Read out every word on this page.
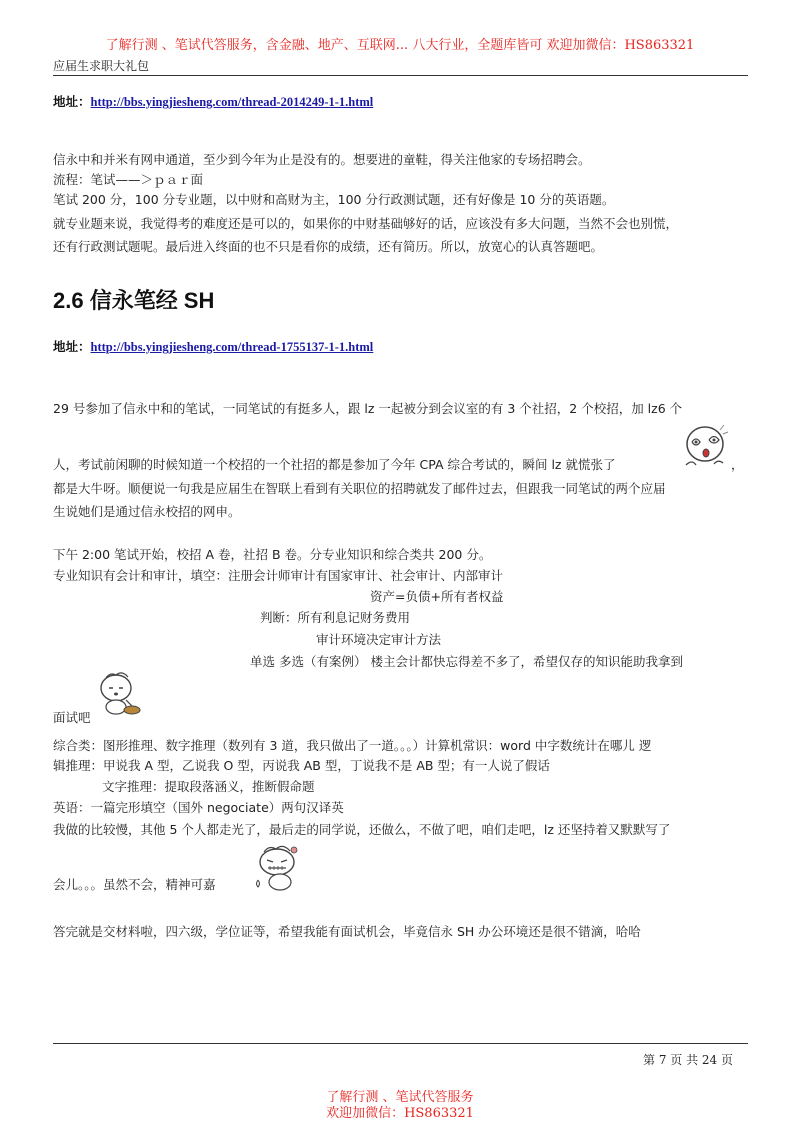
了解行测 、笔试代答服务，含金融、地产、互联网... 八大行业，全题库皆可 欢迎加微信：HS863321
应届生求职大礼包
地址：http://bbs.yingjiesheng.com/thread-2014249-1-1.html
信永中和并米有网申通道，至少到今年为止是没有的。想要进的童鞋，得关注他家的专场招聘会。
流程：笔试——＞ｐａｒ面
笔试 200 分，100 分专业题，以中财和高财为主，100 分行政测试题，还有好像是 10 分的英语题。
就专业题来说，我觉得考的难度还是可以的，如果你的中财基础够好的话，应该没有多大问题，当然不会也别慌，
还有行政测试题呢。最后进入终面的也不只是看你的成绩，还有简历。所以，放宽心的认真答题吧。
2.6 信永笔经 SH
地址：http://bbs.yingjiesheng.com/thread-1755137-1-1.html
29 号参加了信永中和的笔试，一同笔试的有挺多人，跟 lz 一起被分到会议室的有 3 个社招，2 个校招，加 lz6 个
人，考试前闲聊的时候知道一个校招的一个社招的都是参加了今年 CPA 综合考试的，瞬间 lz 就慌张了	，
都是大牛呀。顺便说一句我是应届生在智联上看到有关职位的招聘就发了邮件过去，但跟我一同笔试的两个应届
生说她们是通过信永校招的网申。
下午 2:00 笔试开始，校招 A 卷，社招 B 卷。分专业知识和综合类共 200 分。
专业知识有会计和审计，填空：注册会计师审计有国家审计、社会审计、内部审计
资产=负债+所有者权益
判断：所有利息记财务费用
审计环境决定审计方法
单选 多选（有案例） 楼主会计都快忘得差不多了，希望仅存的知识能助我拿到
面试吧
综合类：图形推理、数字推理（数列有 3 道，我只做出了一道。。。）计算机常识：word 中字数统计在哪儿 逻
辑推理：甲说我 A 型，乙说我 O 型，丙说我 AB 型，丁说我不是 AB 型；有一人说了假话
文字推理：提取段落涵义，推断假命题
英语：一篇完形填空（国外 negociate）两句汉译英
我做的比较慢，其他 5 个人都走光了，最后走的同学说，还做么，不做了吧，咱们走吧，lz 还坚持着又默默写了
会儿。。。虽然不会，精神可嘉
答完就是交材料啦，四六级，学位证等，希望我能有面试机会，毕竟信永 SH 办公环境还是很不错滴，哈哈
第 7 页 共 24 页
了解行测 、笔试代答服务
欢迎加微信：HS863321
